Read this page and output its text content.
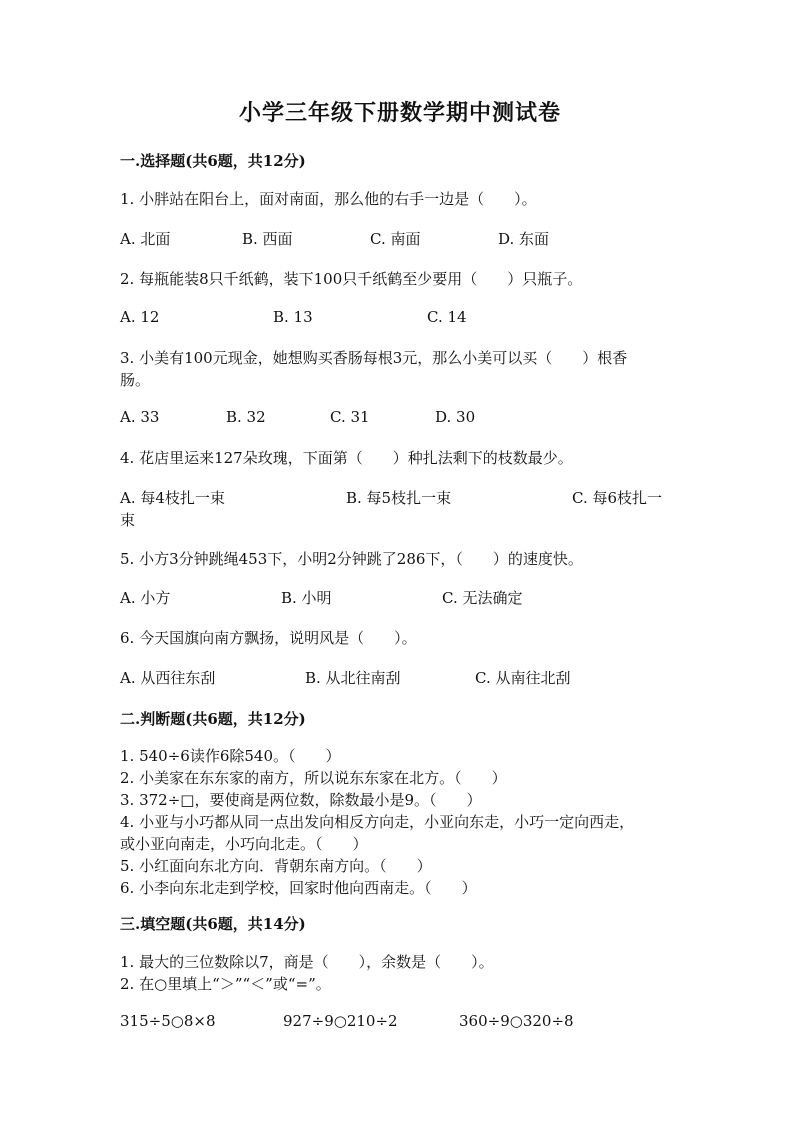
小学三年级下册数学期中测试卷
一.选择题(共6题，共12分)
1. 小胖站在阳台上，面对南面，那么他的右手一边是（　　）。
A. 北面	B. 西面	C. 南面	D. 东面
2. 每瓶能装8只千纸鹤，装下100只千纸鹤至少要用（　　）只瓶子。
A. 12	B. 13	C. 14
3. 小美有100元现金，她想购买香肠每根3元，那么小美可以买（　　）根香
肠。
A. 33	B. 32	C. 31	D. 30
4. 花店里运来127朵玫瑰，下面第（　　）种扎法剩下的枝数最少。
A. 每4枝扎一束	B. 每5枝扎一束	C. 每6枝扎一
束
5. 小方3分钟跳绳453下，小明2分钟跳了286下，（　　）的速度快。
A. 小方	B. 小明	C. 无法确定
6. 今天国旗向南方飘扬，说明风是（　　）。
A. 从西往东刮	B. 从北往南刮	C. 从南往北刮
二.判断题(共6题，共12分)
1. 540÷6读作6除540。（　　）
2. 小美家在东东家的南方，所以说东东家在北方。（　　）
3. 372÷□，要使商是两位数，除数最小是9。（　　）
4. 小亚与小巧都从同一点出发向相反方向走，小亚向东走，小巧一定向西走，
或小亚向南走，小巧向北走。（　　）
5. 小红面向东北方向．背朝东南方向。（　　）
6. 小李向东北走到学校，回家时他向西南走。（　　）
三.填空题(共6题，共14分)
1. 最大的三位数除以7，商是（　　），余数是（　　）。
2. 在○里填上“＞”“＜”或“=”。
315÷5○8×8	927÷9○210÷2	360÷9○320÷8
